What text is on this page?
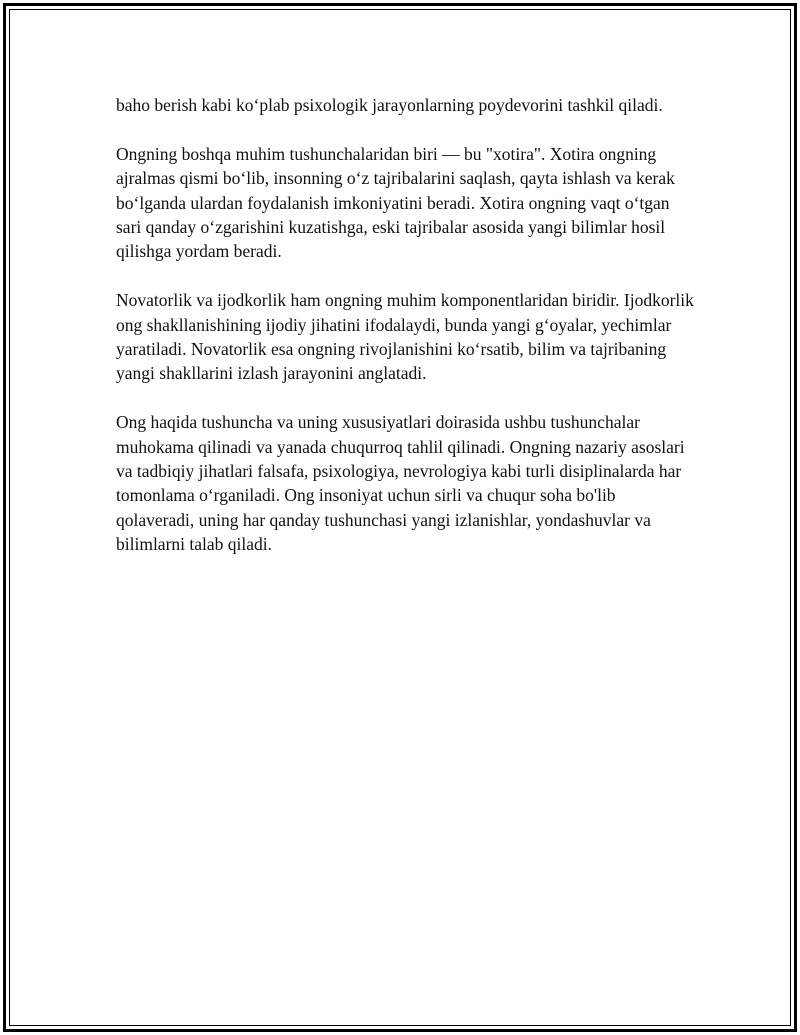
baho berish kabi ko‘plab psixologik jarayonlarning poydevorini tashkil qiladi.

Ongning boshqa muhim tushunchalaridan biri — bu "xotira". Xotira ongning ajralmas qismi bo‘lib, insonning o‘z tajribalarini saqlash, qayta ishlash va kerak bo‘lganda ulardan foydalanish imkoniyatini beradi. Xotira ongning vaqt o‘tgan sari qanday o‘zgarishini kuzatishga, eski tajribalar asosida yangi bilimlar hosil qilishga yordam beradi.

Novatorlik va ijodkorlik ham ongning muhim komponentlaridan biridir. Ijodkorlik ong shakllanishining ijodiy jihatini ifodalaydi, bunda yangi g‘oyalar, yechimlar yaratiladi. Novatorlik esa ongning rivojlanishini ko‘rsatib, bilim va tajribaning yangi shakllarini izlash jarayonini anglatadi.

Ong haqida tushuncha va uning xususiyatlari doirasida ushbu tushunchalar muhokama qilinadi va yanada chuqurroq tahlil qilinadi. Ongning nazariy asoslari va tadbiqiy jihatlari falsafa, psixologiya, nevrologiya kabi turli disiplinalarda har tomonlama o‘rganiladi. Ong insoniyat uchun sirli va chuqur soha bo'lib qolaveradi, uning har qanday tushunchasi yangi izlanishlar, yondashuvlar va bilimlarni talab qiladi.
